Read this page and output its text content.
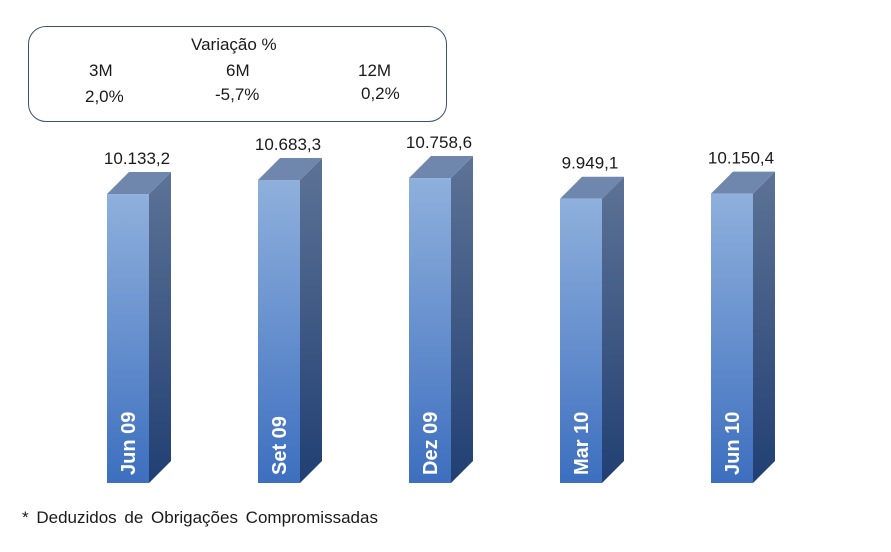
Variação %
3M	6M	12M
2,0%	-5,7%	0,2%
Jun 09
10.133,2
Set 09
10.683,3
Dez 09
10.758,6
Mar 10
9.949,1
Jun 10
10.150,4
* Deduzidos de Obrigações Compromissadas
